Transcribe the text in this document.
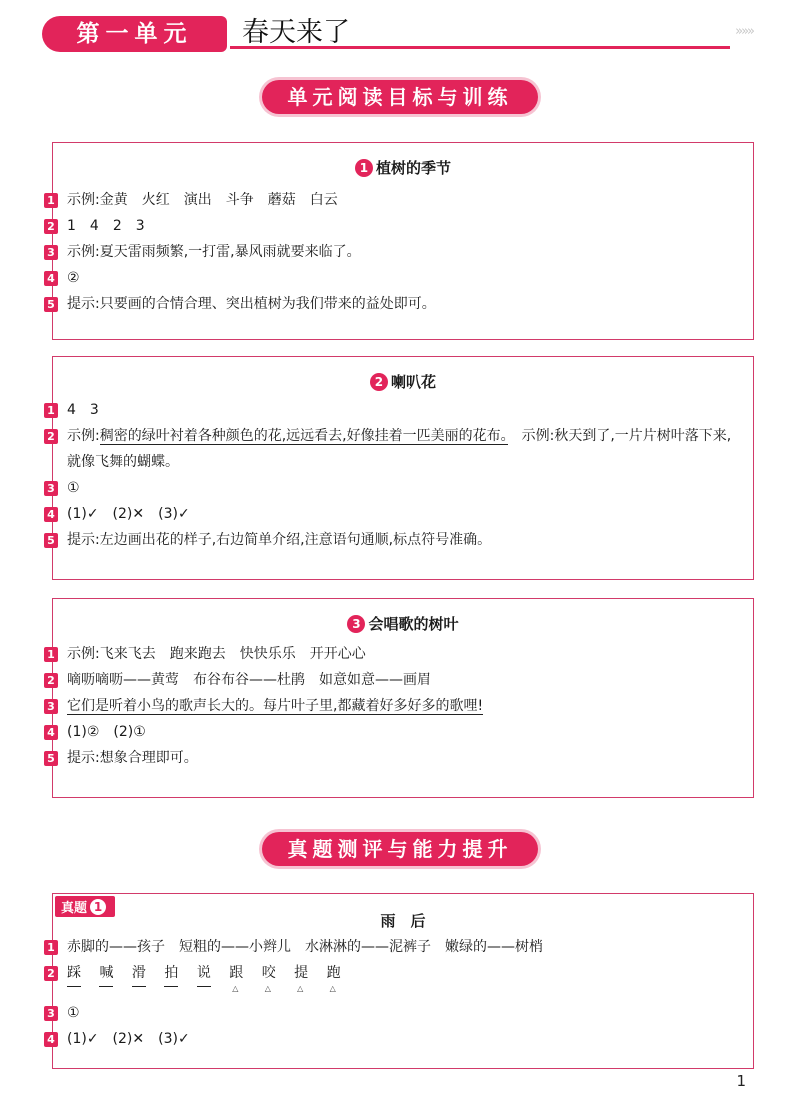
第一单元	春天来了	»»»
单元阅读目标与训练
1 植树的季节
1 示例:金黄　火红　演出　斗争　蘑菇　白云
2 1　4　2　3
3 示例:夏天雷雨频繁,一打雷,暴风雨就要来临了。
4 ②
5 提示:只要画的合情合理、突出植树为我们带来的益处即可。
2 喇叭花
1 4　3
2 示例:稠密的绿叶衬着各种颜色的花,远远看去,好像挂着一匹美丽的花布。　示例:秋天到了,一片片树叶落下来,就像飞舞的蝴蝶。
3 ①
4 (1)✓　(2)✕　(3)✓
5 提示:左边画出花的样子,右边简单介绍,注意语句通顺,标点符号准确。
3 会唱歌的树叶
1 示例:飞来飞去　跑来跑去　快快乐乐　开开心心
2 嘀呖嘀呖——黄莺　布谷布谷——杜鹃　如意如意——画眉
3 它们是听着小鸟的歌声长大的。每片叶子里,都藏着好多好多的歌哩!
4 (1)②　(2)①
5 提示:想象合理即可。
真题测评与能力提升
真题 1
雨　后
1 赤脚的——孩子　短粗的——小辫儿　水淋淋的——泥裤子　嫩绿的——树梢
2 踩 喊 滑 拍 说 跟 △ 咬 △ 提 △ 跑 △
3 ①
4 (1)✓　(2)✕　(3)✓
1
